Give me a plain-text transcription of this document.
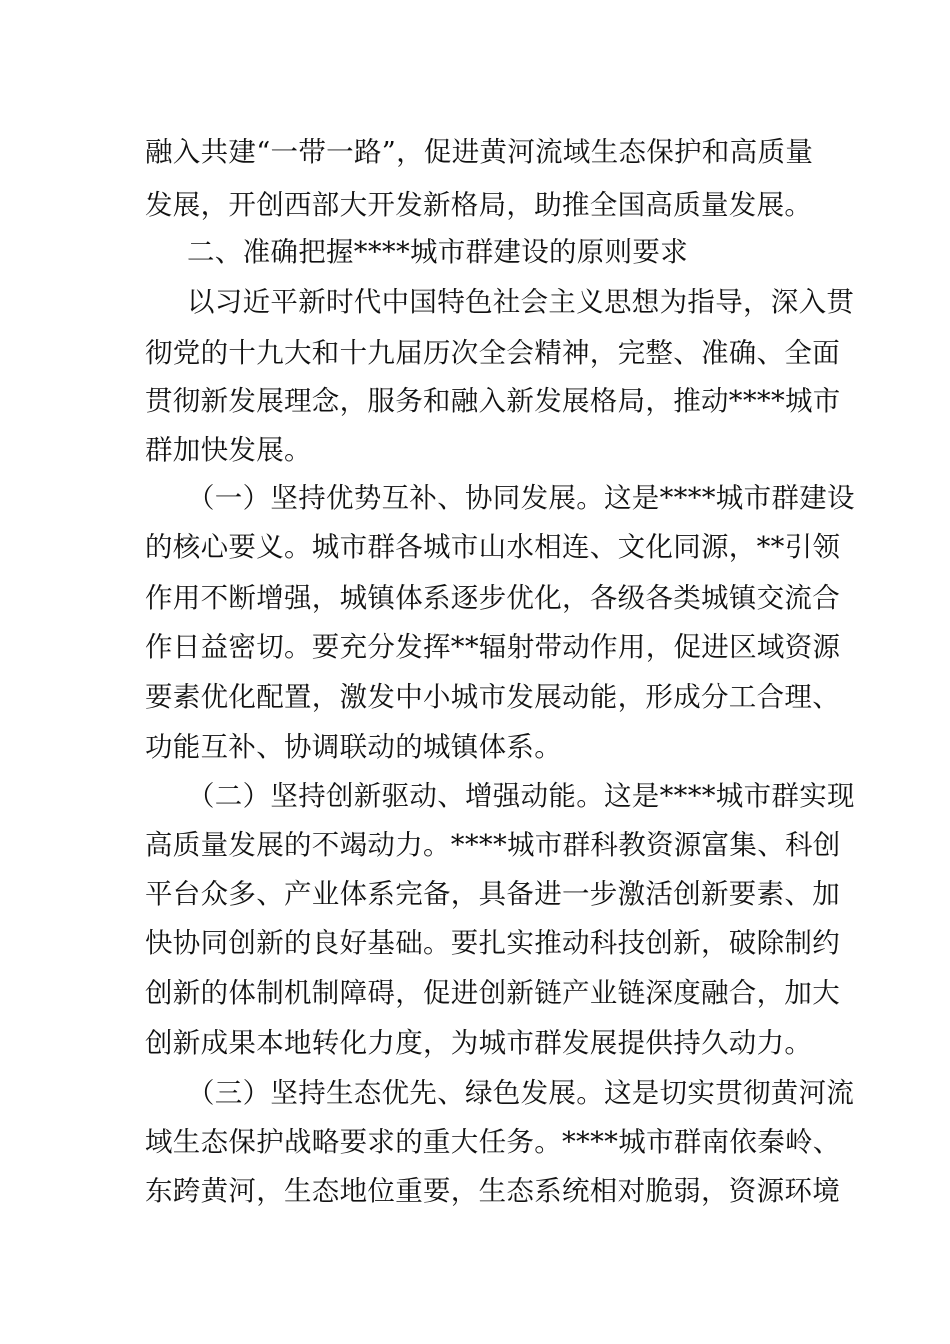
融入共建“一带一路”，促进黄河流域生态保护和高质量
发展，开创西部大开发新格局，助推全国高质量发展。
二、准确把握****城市群建设的原则要求
以习近平新时代中国特色社会主义思想为指导，深入贯
彻党的十九大和十九届历次全会精神，完整、准确、全面
贯彻新发展理念，服务和融入新发展格局，推动****城市
群加快发展。
（一）坚持优势互补、协同发展。这是****城市群建设
的核心要义。城市群各城市山水相连、文化同源，**引领
作用不断增强，城镇体系逐步优化，各级各类城镇交流合
作日益密切。要充分发挥**辐射带动作用，促进区域资源
要素优化配置，激发中小城市发展动能，形成分工合理、
功能互补、协调联动的城镇体系。
（二）坚持创新驱动、增强动能。这是****城市群实现
高质量发展的不竭动力。****城市群科教资源富集、科创
平台众多、产业体系完备，具备进一步激活创新要素、加
快协同创新的良好基础。要扎实推动科技创新，破除制约
创新的体制机制障碍，促进创新链产业链深度融合，加大
创新成果本地转化力度，为城市群发展提供持久动力。
（三）坚持生态优先、绿色发展。这是切实贯彻黄河流
域生态保护战略要求的重大任务。****城市群南依秦岭、
东跨黄河，生态地位重要，生态系统相对脆弱，资源环境
